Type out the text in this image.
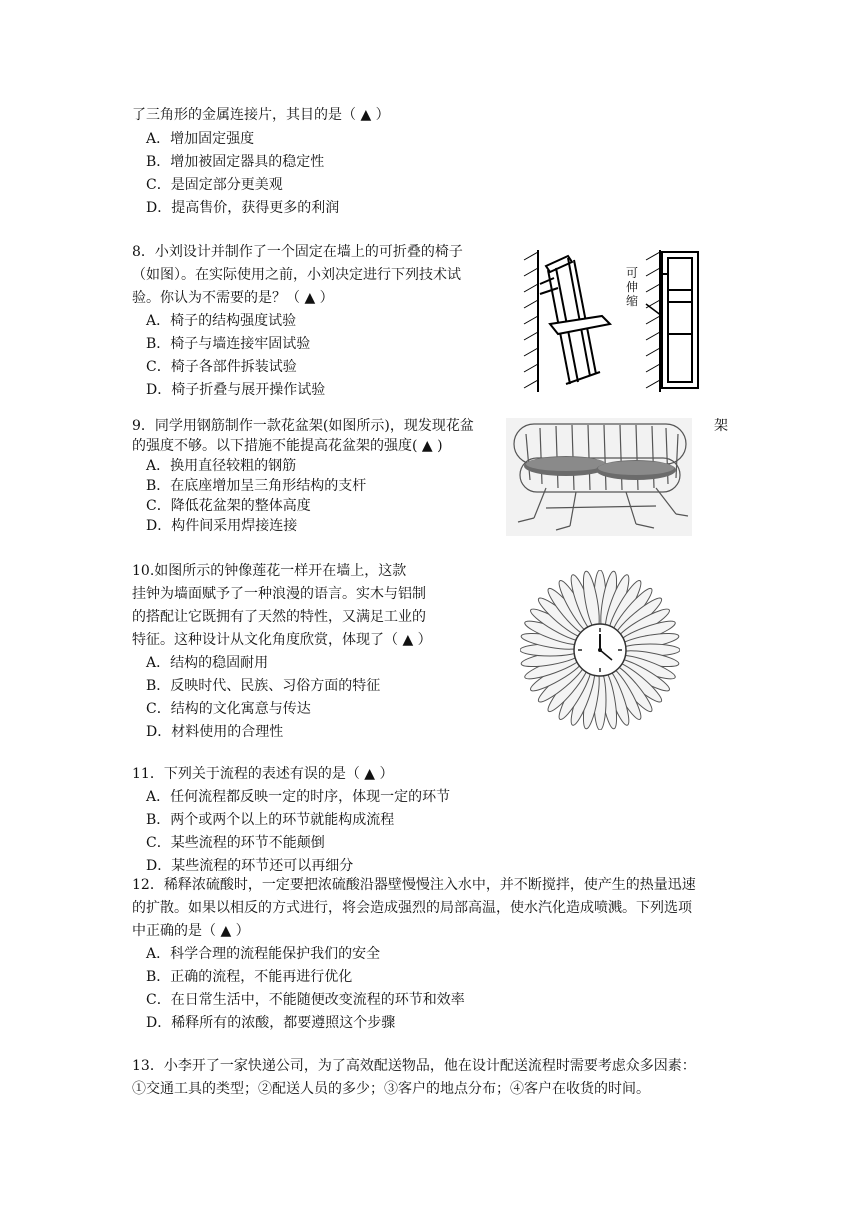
了三角形的金属连接片，其目的是（ ▲ ）
A．增加固定强度
B．增加被固定器具的稳定性
C．是固定部分更美观
D．提高售价，获得更多的利润
8．小刘设计并制作了一个固定在墙上的可折叠的椅子
（如图）。在实际使用之前，小刘决定进行下列技术试
验。你认为不需要的是？（ ▲ ）
A．椅子的结构强度试验
B．椅子与墙连接牢固试验
C．椅子各部件拆装试验
D．椅子折叠与展开操作试验
可伸缩
9．同学用钢筋制作一款花盆架(如图所示)，现发现花盆	架
的强度不够。以下措施不能提高花盆架的强度( ▲ )
A．换用直径较粗的钢筋
B．在底座增加呈三角形结构的支杆
C．降低花盆架的整体高度
D．构件间采用焊接连接
10.如图所示的钟像莲花一样开在墙上，这款
挂钟为墙面赋予了一种浪漫的语言。实木与铝制
的搭配让它既拥有了天然的特性，又满足工业的
特征。这种设计从文化角度欣赏，体现了（ ▲ ）
A．结构的稳固耐用
B．反映时代、民族、习俗方面的特征
C．结构的文化寓意与传达
D．材料使用的合理性
11．下列关于流程的表述有误的是（ ▲ ）
A．任何流程都反映一定的时序，体现一定的环节
B．两个或两个以上的环节就能构成流程
C．某些流程的环节不能颠倒
D．某些流程的环节还可以再细分
12．稀释浓硫酸时，一定要把浓硫酸沿器壁慢慢注入水中，并不断搅拌，使产生的热量迅速
的扩散。如果以相反的方式进行，将会造成强烈的局部高温，使水汽化造成喷溅。下列选项
中正确的是（ ▲ ）
A．科学合理的流程能保护我们的安全
B．正确的流程，不能再进行优化
C．在日常生活中，不能随便改变流程的环节和效率
D．稀释所有的浓酸，都要遵照这个步骤
13．小李开了一家快递公司，为了高效配送物品，他在设计配送流程时需要考虑众多因素：
①交通工具的类型；②配送人员的多少；③客户的地点分布；④客户在收货的时间。
